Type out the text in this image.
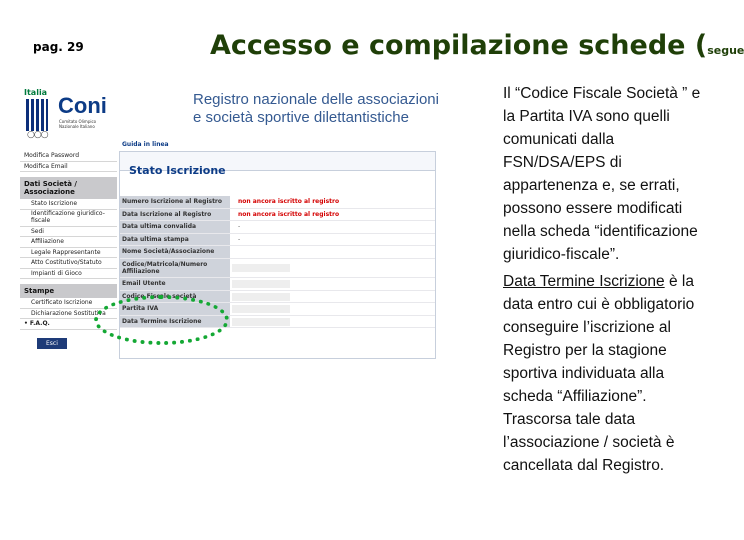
pag. 29	Accesso e compilazione schede (segue
Italia
Coni
Comitato Olimpico Nazionale Italiano
○○○
Registro nazionale delle associazioni
e società sportive dilettantistiche
Guida in linea
Modifica Password
Modifica Email
Dati Società / Associazione
Stato Iscrizione
Identificazione giuridico-fiscale
Sedi
Affiliazione
Legale Rappresentante
Atto Costitutivo/Statuto
Impianti di Gioco
Stampe
Certificato Iscrizione
Dichiarazione Sostitutiva
• F.A.Q.
Esci
Stato Iscrizione
Numero Iscrizione al Registro	non ancora iscritto al registro
Data Iscrizione al Registro	non ancora iscritto al registro
Data ultima convalida	-
Data ultima stampa	-
Nome Società/Associazione
Codice/Matricola/Numero Affiliazione
Email Utente
Codice Fiscale società
Partita IVA
Data Termine Iscrizione

Il “Codice Fiscale Società ” e la Partita IVA sono quelli comunicati dalla FSN/DSA/EPS di appartenenza e, se errati, possono essere modificati nella scheda “identificazione giuridico-fiscale”.

Data Termine Iscrizione è la data entro cui è obbligatorio conseguire l’iscrizione al Registro per la stagione sportiva individuata alla scheda “Affiliazione”. Trascorsa tale data l’associazione / società è cancellata dal Registro.
